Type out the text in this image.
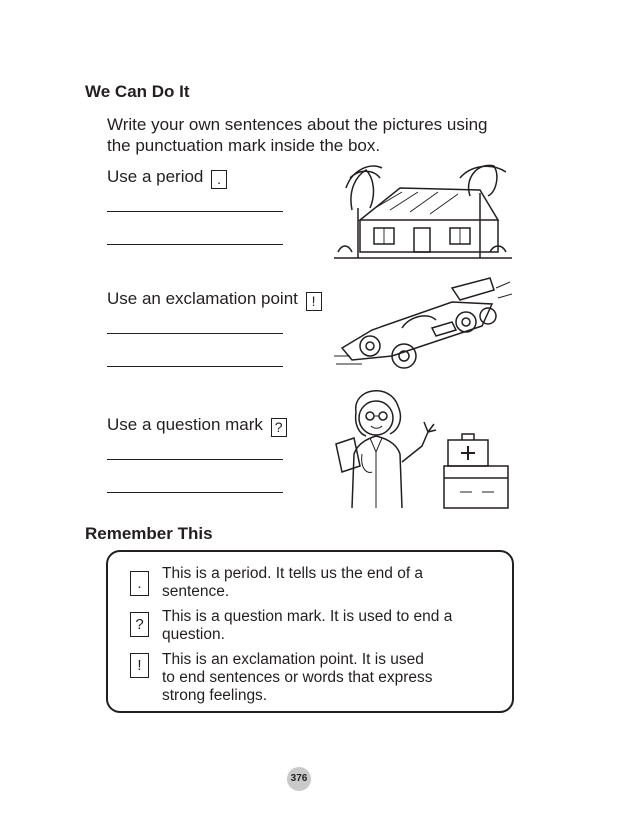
We Can Do It
Write your own sentences about the pictures using
the punctuation mark inside the box.
Use a period .
Use an exclamation point !
Use a question mark ?
Remember This
.
This is a period. It tells us the end of a
sentence.
?	This is a question mark. It is used to end a
question.
!	This is an exclamation point. It is used
to end sentences or words that express
strong feelings.
376
